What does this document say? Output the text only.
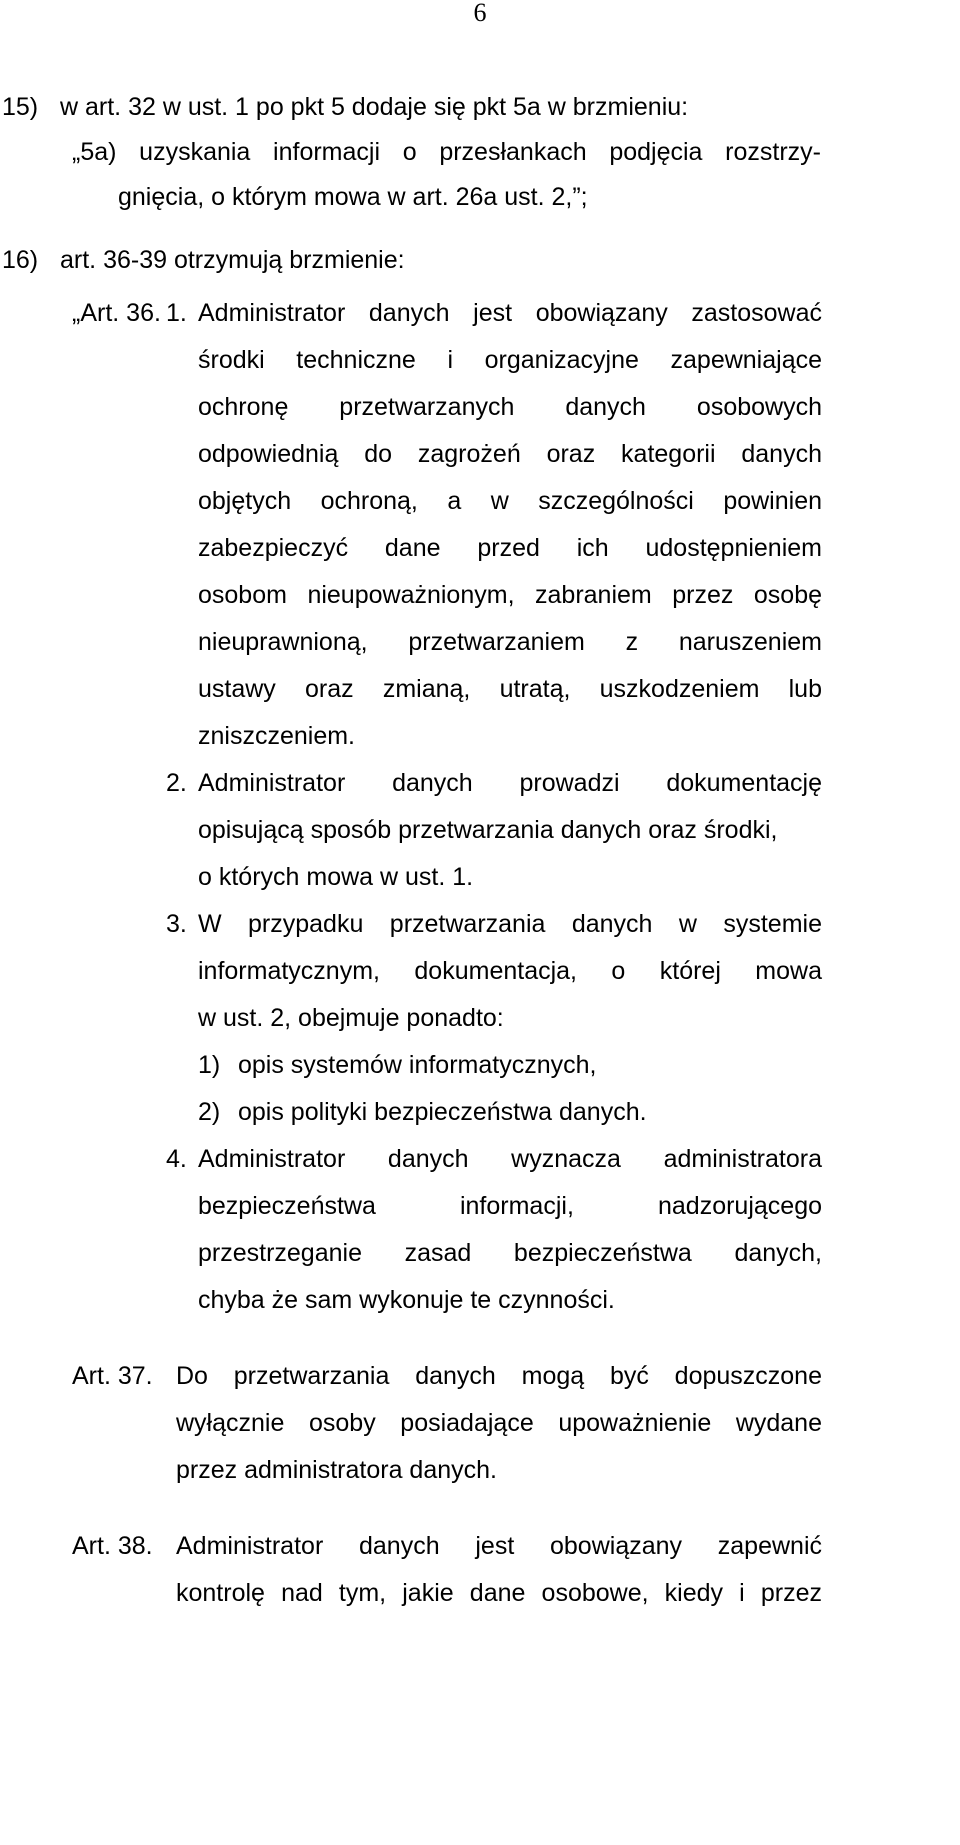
6
15) w art. 32 w ust. 1 po pkt 5 dodaje się pkt 5a w brzmieniu:
„5a) uzyskania informacji o przesłankach podjęcia rozstrzy-
gnięcia, o którym mowa w art. 26a ust. 2,”;
16) art. 36-39 otrzymują brzmienie:
„Art. 36. 1. Administrator danych jest obowiązany zastosować
środki techniczne i organizacyjne zapewniające
ochronę przetwarzanych danych osobowych
odpowiednią do zagrożeń oraz kategorii danych
objętych ochroną, a w szczególności powinien
zabezpieczyć dane przed ich udostępnieniem
osobom nieupoważnionym, zabraniem przez osobę
nieuprawnioną, przetwarzaniem z naruszeniem
ustawy oraz zmianą, utratą, uszkodzeniem lub
zniszczeniem.
2. Administrator danych prowadzi dokumentację
opisującą sposób przetwarzania danych oraz środki,
o których mowa w ust. 1.
3. W przypadku przetwarzania danych w systemie
informatycznym, dokumentacja, o której mowa
w ust. 2, obejmuje ponadto:
1) opis systemów informatycznych,
2) opis polityki bezpieczeństwa danych.
4. Administrator danych wyznacza administratora
bezpieczeństwa informacji, nadzorującego
przestrzeganie zasad bezpieczeństwa danych,
chyba że sam wykonuje te czynności.
Art. 37. Do przetwarzania danych mogą być dopuszczone
wyłącznie osoby posiadające upoważnienie wydane
przez administratora danych.
Art. 38. Administrator danych jest obowiązany zapewnić
kontrolę nad tym, jakie dane osobowe, kiedy i przez
